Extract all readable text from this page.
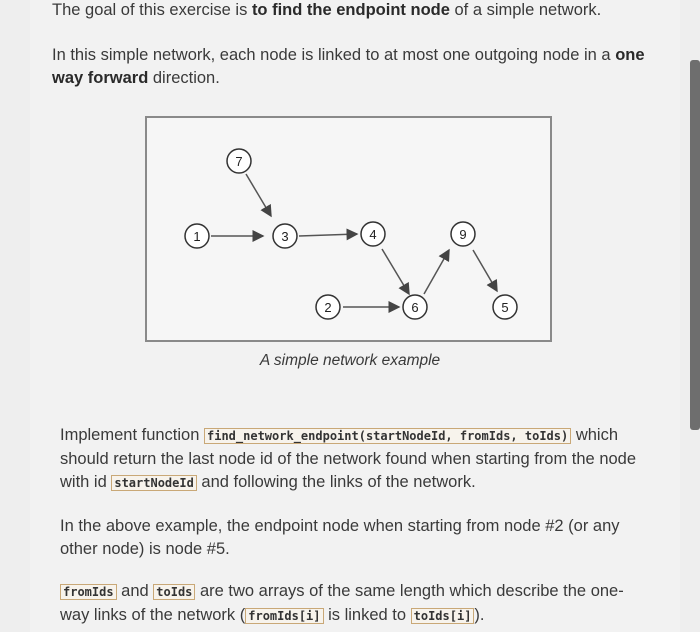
The goal of this exercise is to find the endpoint node of a simple network.

In this simple network, each node is linked to at most one outgoing node in a one way forward direction.

7
1	3	4	9
2	6	5
A simple network example

Implement function find_network_endpoint(startNodeId, fromIds, toIds) which should return the last node id of the network found when starting from the node with id startNodeId and following the links of the network.

In the above example, the endpoint node when starting from node #2 (or any other node) is node #5.

fromIds and toIds are two arrays of the same length which describe the one-way links of the network ( fromIds[i] is linked to toIds[i] ).
